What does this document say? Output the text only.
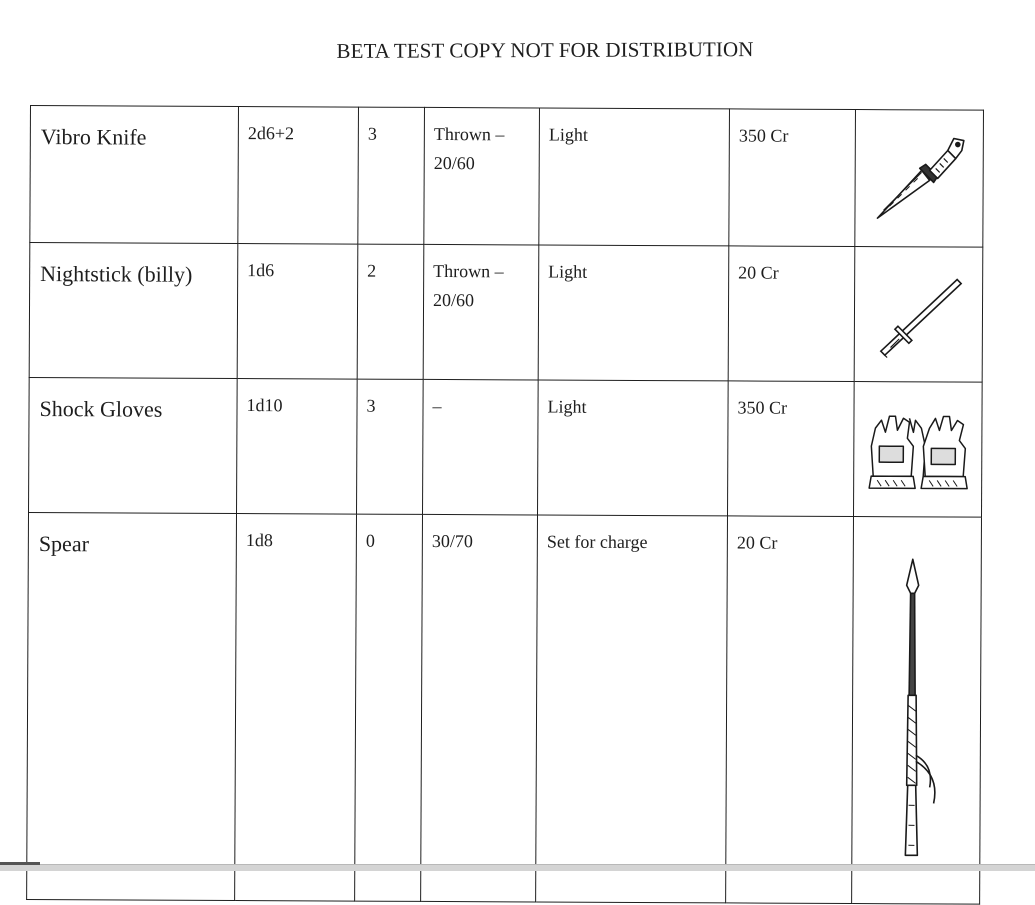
BETA TEST COPY NOT FOR DISTRIBUTION
Vibro Knife	2d6+2	3	Thrown – 20/60	Light	350 Cr	

Nightstick (billy)	1d6	2	Thrown – 20/60	Light	20 Cr	

Shock Gloves	1d10	3	–	Light	350 Cr	

Spear	1d8	0	30/70	Set for charge	20 Cr	
